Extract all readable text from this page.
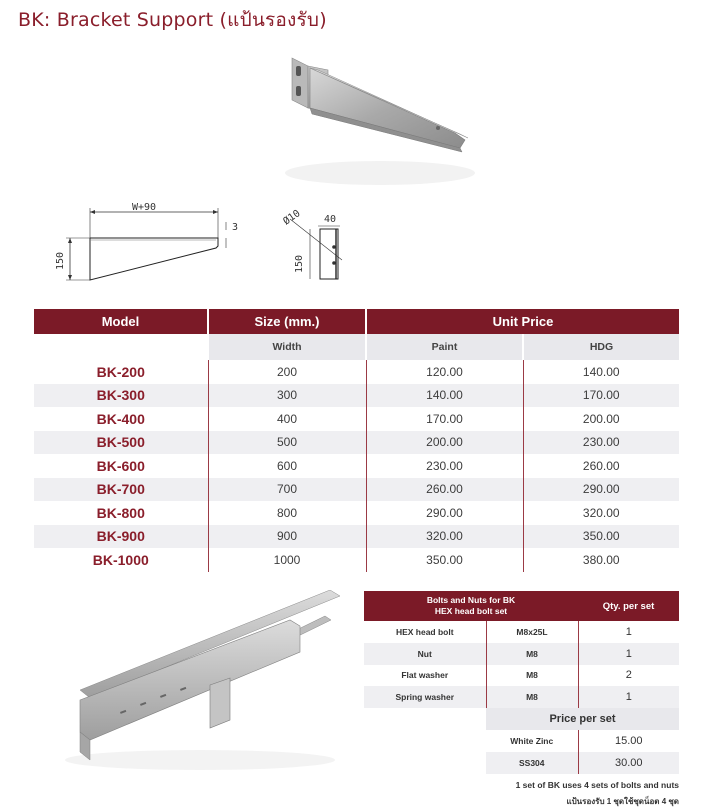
BK: Bracket Support (แป้นรองรับ)
W+90
3
150
Ø10 40
150
Model	Size (mm.)	Unit Price	
	Width	Paint	HDG
BK-200	200	120.00	140.00
BK-300	300	140.00	170.00
BK-400	400	170.00	200.00
BK-500	500	200.00	230.00
BK-600	600	230.00	260.00
BK-700	700	260.00	290.00
BK-800	800	290.00	320.00
BK-900	900	320.00	350.00
BK-1000	1000	350.00	380.00
Bolts and Nuts for BK
HEX head bolt set		Qty. per set
HEX head bolt	M8x25L	1
Nut	M8	1
Flat washer	M8	2
Spring washer	M8	1
	Price per set	
	White Zinc	15.00
	SS304	30.00
1 set of BK uses 4 sets of bolts and nuts
แป้นรองรับ 1 ชุดใช้ชุดน็อต 4 ชุด
